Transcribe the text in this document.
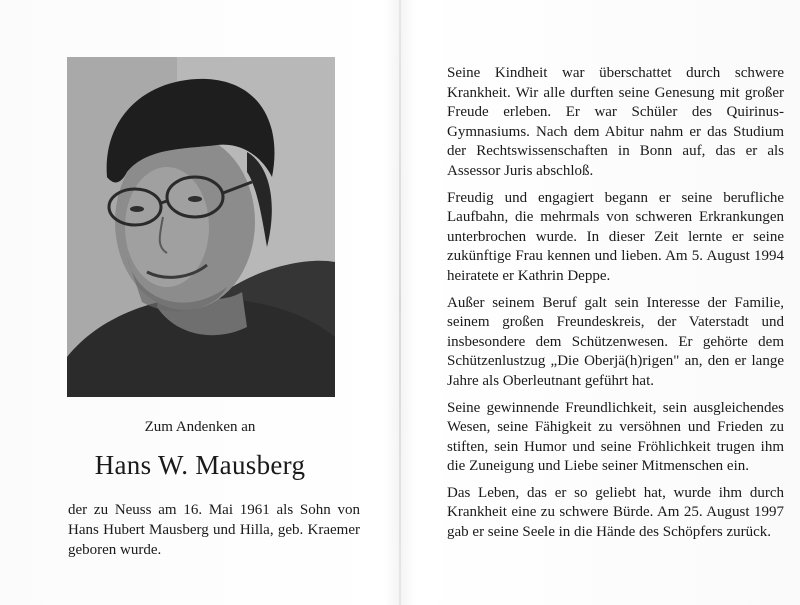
Zum Andenken an
Hans W. Mausberg
der zu Neuss am 16. Mai 1961 als Sohn von Hans Hubert Mausberg und Hilla, geb. Kraemer geboren wurde.

Seine Kindheit war überschattet durch schwere Krankheit. Wir alle durften seine Genesung mit großer Freude erleben. Er war Schüler des Quirinus-Gymnasiums. Nach dem Abitur nahm er das Studium der Rechtswissenschaften in Bonn auf, das er als Assessor Juris abschloß.

Freudig und engagiert begann er seine berufliche Laufbahn, die mehrmals von schweren Erkrankungen unterbrochen wurde. In dieser Zeit lernte er seine zukünftige Frau kennen und lieben. Am 5. August 1994 heiratete er Kathrin Deppe.

Außer seinem Beruf galt sein Interesse der Familie, seinem großen Freundeskreis, der Vaterstadt und insbesondere dem Schützenwesen. Er gehörte dem Schützenlustzug „Die Oberjä(h)rigen" an, den er lange Jahre als Oberleutnant geführt hat.

Seine gewinnende Freundlichkeit, sein ausgleichendes Wesen, seine Fähigkeit zu versöhnen und Frieden zu stiften, sein Humor und seine Fröhlichkeit trugen ihm die Zuneigung und Liebe seiner Mitmenschen ein.

Das Leben, das er so geliebt hat, wurde ihm durch Krankheit eine zu schwere Bürde. Am 25. August 1997 gab er seine Seele in die Hände des Schöpfers zurück.
